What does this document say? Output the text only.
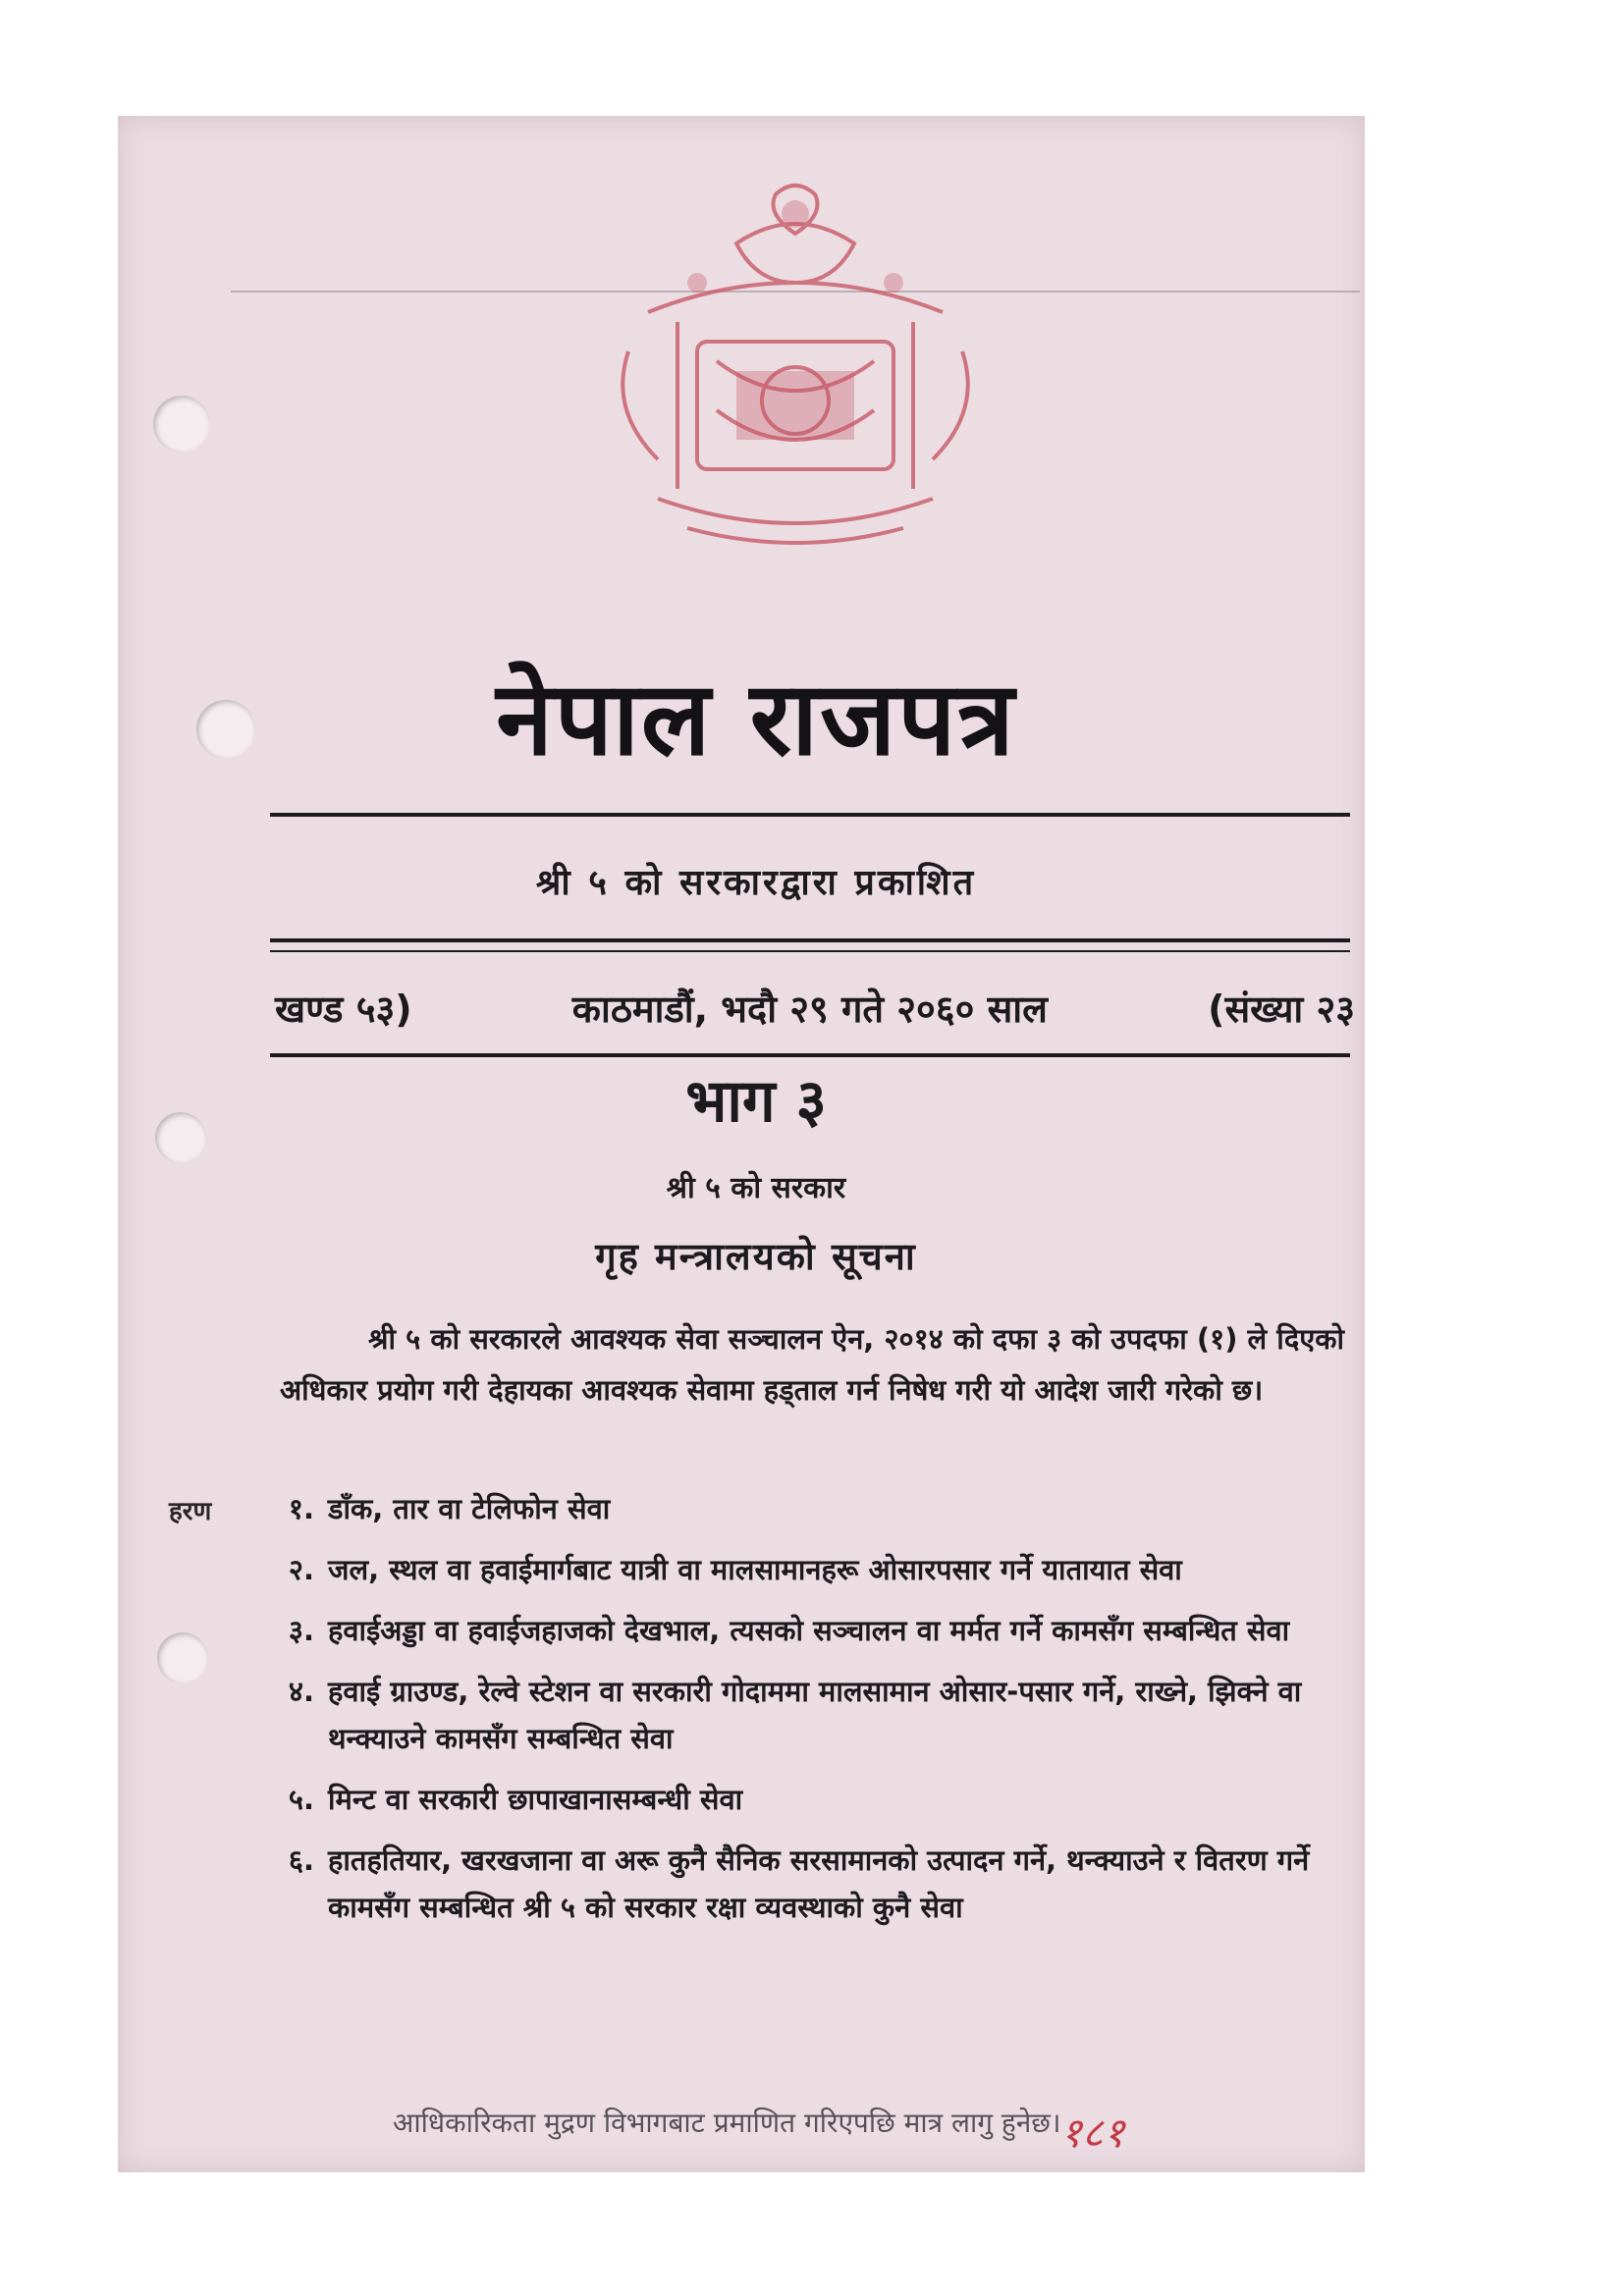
नेपाल राजपत्र
श्री ५ को सरकारद्वारा प्रकाशित
खण्ड ५३)	काठमाडौं, भदौ २९ गते २०६० साल	(संख्या २३
भाग ३
श्री ५ को सरकार
गृह मन्त्रालयको सूचना
श्री ५ को सरकारले आवश्यक सेवा सञ्चालन ऐन, २०१४ को दफा ३ को उपदफा (१) ले दिएको अधिकार प्रयोग गरी देहायका आवश्यक सेवामा हड्ताल गर्न निषेध गरी यो आदेश जारी गरेको छ।
हरण	१. डाँक, तार वा टेलिफोन सेवा
२. जल, स्थल वा हवाईमार्गबाट यात्री वा मालसामानहरू ओसारपसार गर्ने यातायात सेवा
३. हवाईअड्डा वा हवाईजहाजको देखभाल, त्यसको सञ्चालन वा मर्मत गर्ने कामसँग सम्बन्धित सेवा
४. हवाई ग्राउण्ड, रेल्वे स्टेशन वा सरकारी गोदाममा मालसामान ओसार-पसार गर्ने, राख्ने, झिक्ने वा थन्क्याउने कामसँग सम्बन्धित सेवा
५. मिन्ट वा सरकारी छापाखानासम्बन्धी सेवा
६. हातहतियार, खरखजाना वा अरू कुनै सैनिक सरसामानको उत्पादन गर्ने, थन्क्याउने र वितरण गर्ने कामसँग सम्बन्धित श्री ५ को सरकार रक्षा व्यवस्थाको कुनै सेवा
आधिकारिकता मुद्रण विभागबाट प्रमाणित गरिएपछि मात्र लागु हुनेछ। १८१
